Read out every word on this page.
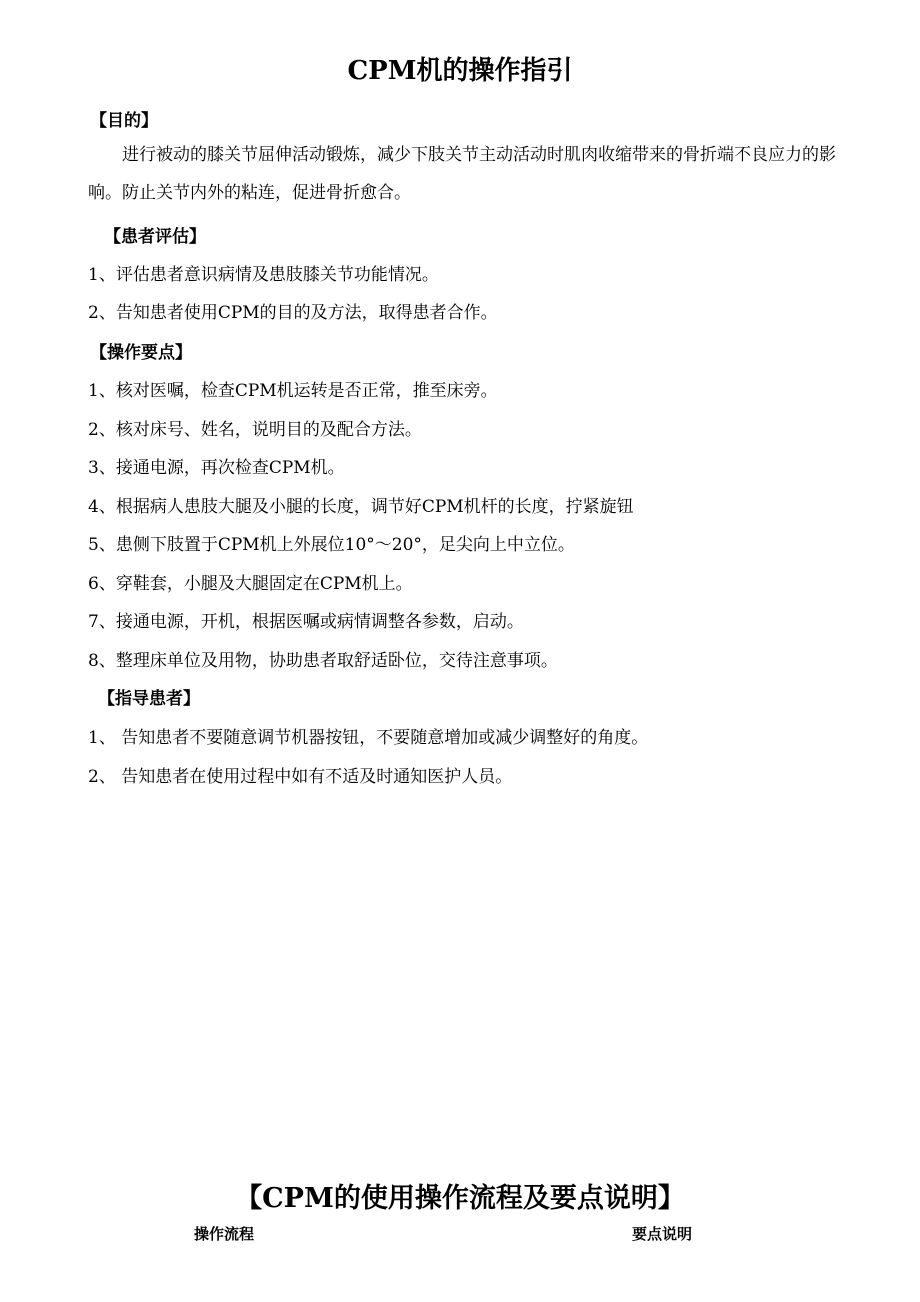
CPM机的操作指引
【目的】
进行被动的膝关节屈伸活动锻炼，减少下肢关节主动活动时肌肉收缩带来的骨折端不良应力的影响。防止关节内外的粘连，促进骨折愈合。
【患者评估】
1、评估患者意识病情及患肢膝关节功能情况。
2、告知患者使用CPM的目的及方法，取得患者合作。
【操作要点】
1、核对医嘱，检查CPM机运转是否正常，推至床旁。
2、核对床号、姓名，说明目的及配合方法。
3、接通电源，再次检查CPM机。
4、根据病人患肢大腿及小腿的长度，调节好CPM机杆的长度，拧紧旋钮
5、患侧下肢置于CPM机上外展位10°～20°，足尖向上中立位。
6、穿鞋套，小腿及大腿固定在CPM机上。
7、接通电源，开机，根据医嘱或病情调整各参数，启动。
8、整理床单位及用物，协助患者取舒适卧位，交待注意事项。
【指导患者】
1、 告知患者不要随意调节机器按钮，不要随意增加或减少调整好的角度。
2、 告知患者在使用过程中如有不适及时通知医护人员。
【CPM的使用操作流程及要点说明】
操作流程	要点说明
